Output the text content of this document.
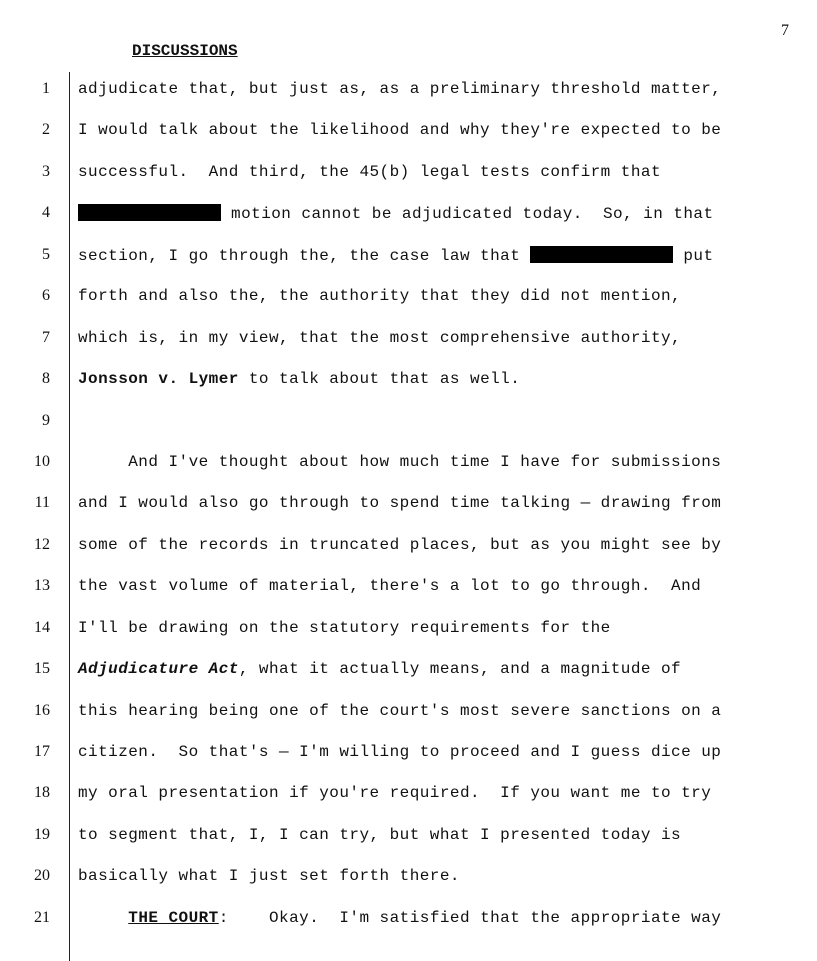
7
DISCUSSIONS
1 adjudicate that, but just as, as a preliminary threshold matter,
2 I would talk about the likelihood and why they're expected to be
3 successful.  And third, the 45(b) legal tests confirm that
4	motion cannot be adjudicated today.  So, in that
5 section, I go through the, the case law that	put
6 forth and also the, the authority that they did not mention,
7 which is, in my view, that the most comprehensive authority,
8 Jonsson v. Lymer to talk about that as well.
9
10 And I've thought about how much time I have for submissions
11 and I would also go through to spend time talking — drawing from
12 some of the records in truncated places, but as you might see by
13 the vast volume of material, there's a lot to go through.  And
14 I'll be drawing on the statutory requirements for the
15 Adjudicature Act, what it actually means, and a magnitude of
16 this hearing being one of the court's most severe sanctions on a
17 citizen.  So that's — I'm willing to proceed and I guess dice up
18 my oral presentation if you're required.  If you want me to try
19 to segment that, I, I can try, but what I presented today is
20 basically what I just set forth there.
21	THE COURT:    Okay.  I'm satisfied that the appropriate way
